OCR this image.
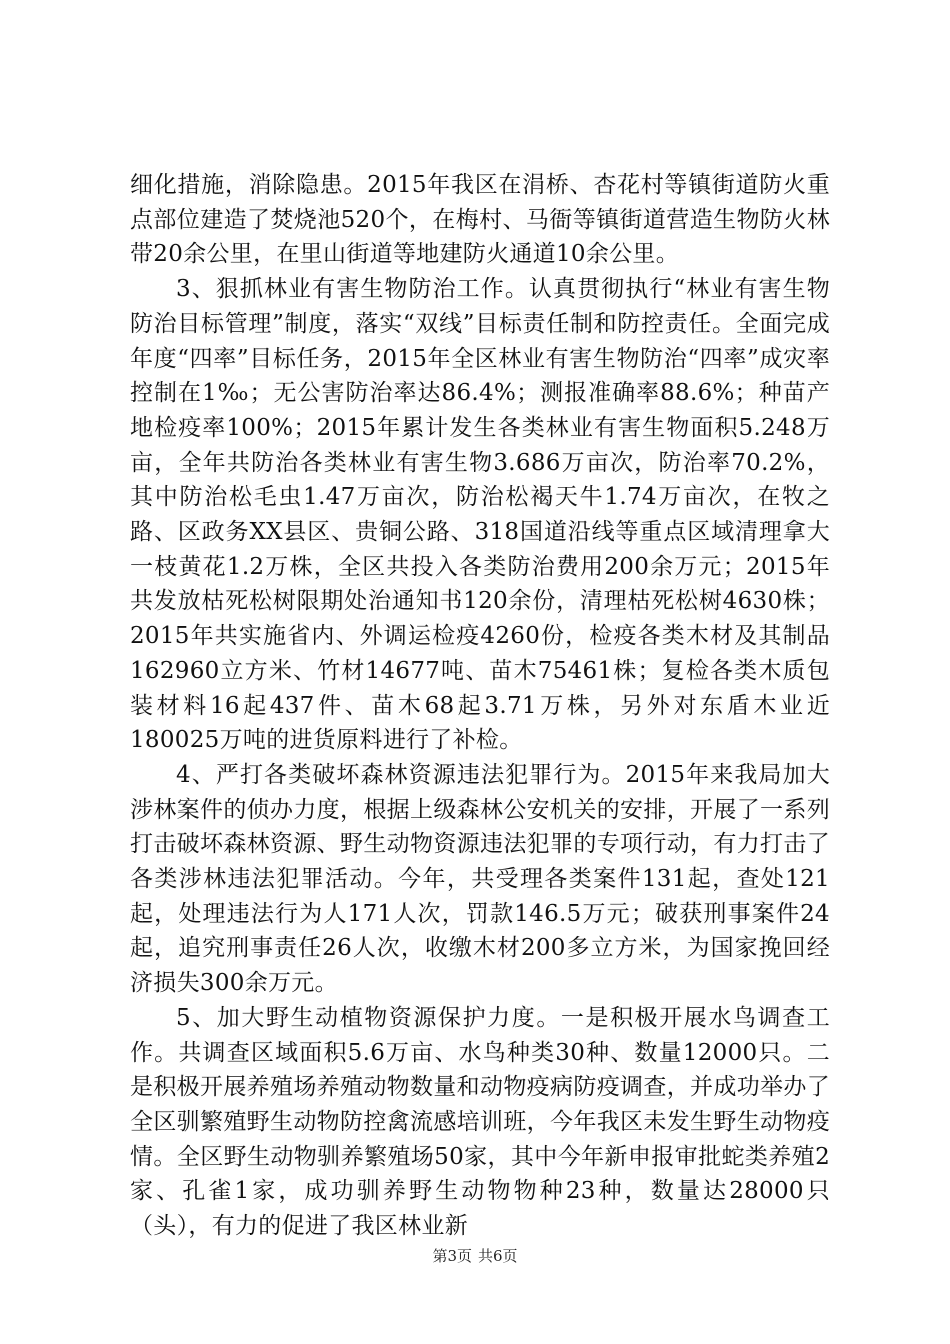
细化措施，消除隐患。2015年我区在涓桥、杏花村等镇街道防火重点部位建造了焚烧池520个，在梅村、马衙等镇街道营造生物防火林带20余公里，在里山街道等地建防火通道10余公里。

3、狠抓林业有害生物防治工作。认真贯彻执行“林业有害生物防治目标管理”制度，落实“双线”目标责任制和防控责任。全面完成年度“四率”目标任务，2015年全区林业有害生物防治“四率”成灾率控制在1‰；无公害防治率达86.4%；测报准确率88.6%；种苗产地检疫率100%；2015年累计发生各类林业有害生物面积5.248万亩，全年共防治各类林业有害生物3.686万亩次，防治率70.2%，其中防治松毛虫1.47万亩次，防治松褐天牛1.74万亩次，在牧之路、区政务XX县区、贵铜公路、318国道沿线等重点区域清理拿大一枝黄花1.2万株，全区共投入各类防治费用200余万元；2015年共发放枯死松树限期处治通知书120余份，清理枯死松树4630株；2015年共实施省内、外调运检疫4260份，检疫各类木材及其制品162960立方米、竹材14677吨、苗木75461株；复检各类木质包装材料16起437件、苗木68起3.71万株，另外对东盾木业近180025万吨的进货原料进行了补检。

4、严打各类破坏森林资源违法犯罪行为。2015年来我局加大涉林案件的侦办力度，根据上级森林公安机关的安排，开展了一系列打击破坏森林资源、野生动物资源违法犯罪的专项行动，有力打击了各类涉林违法犯罪活动。今年，共受理各类案件131起，查处121起，处理违法行为人171人次，罚款146.5万元；破获刑事案件24起，追究刑事责任26人次，收缴木材200多立方米，为国家挽回经济损失300余万元。

5、加大野生动植物资源保护力度。一是积极开展水鸟调查工作。共调查区域面积5.6万亩、水鸟种类30种、数量12000只。二是积极开展养殖场养殖动物数量和动物疫病防疫调查，并成功举办了全区驯繁殖野生动物防控禽流感培训班，今年我区未发生野生动物疫情。全区野生动物驯养繁殖场50家，其中今年新申报审批蛇类养殖2家、孔雀1家，成功驯养野生动物物种23种，数量达28000只（头），有力的促进了我区林业新

第3页 共6页
